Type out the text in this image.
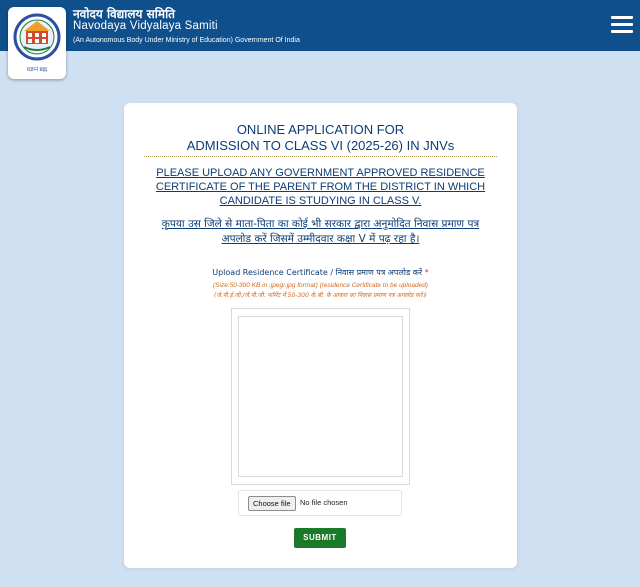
नवोदय विद्यालय समिति
Navodaya Vidyalaya Samiti
(An Autonomous Body Under Ministry of Education) Government Of India
प्रज्ञानं ब्रह्म
ONLINE APPLICATION FOR
ADMISSION TO CLASS VI (2025-26) IN JNVs
PLEASE UPLOAD ANY GOVERNMENT APPROVED RESIDENCE
CERTIFICATE OF THE PARENT FROM THE DISTRICT IN WHICH
CANDIDATE IS STUDYING IN CLASS V.
कृपया उस जिले से माता-पिता का कोई भी सरकार द्वारा अनुमोदित निवास प्रमाण पत्र
अपलोड करें जिसमें उम्मीदवार कक्षा V में पढ़ रहा है।
Upload Residence Certificate / निवास प्रमाण पत्र अपलोड करें *
(Size:50-300 KB in .jpeg/.jpg format) (residence Certificate to be uploaded)
(जे.पी.ई.जी./जे.पी.जी. फॉर्मेट में 50-300 के.बी. के आकार का निवास प्रमाण पत्र अपलोड करें।)
Choose file	No file chosen
SUBMIT
